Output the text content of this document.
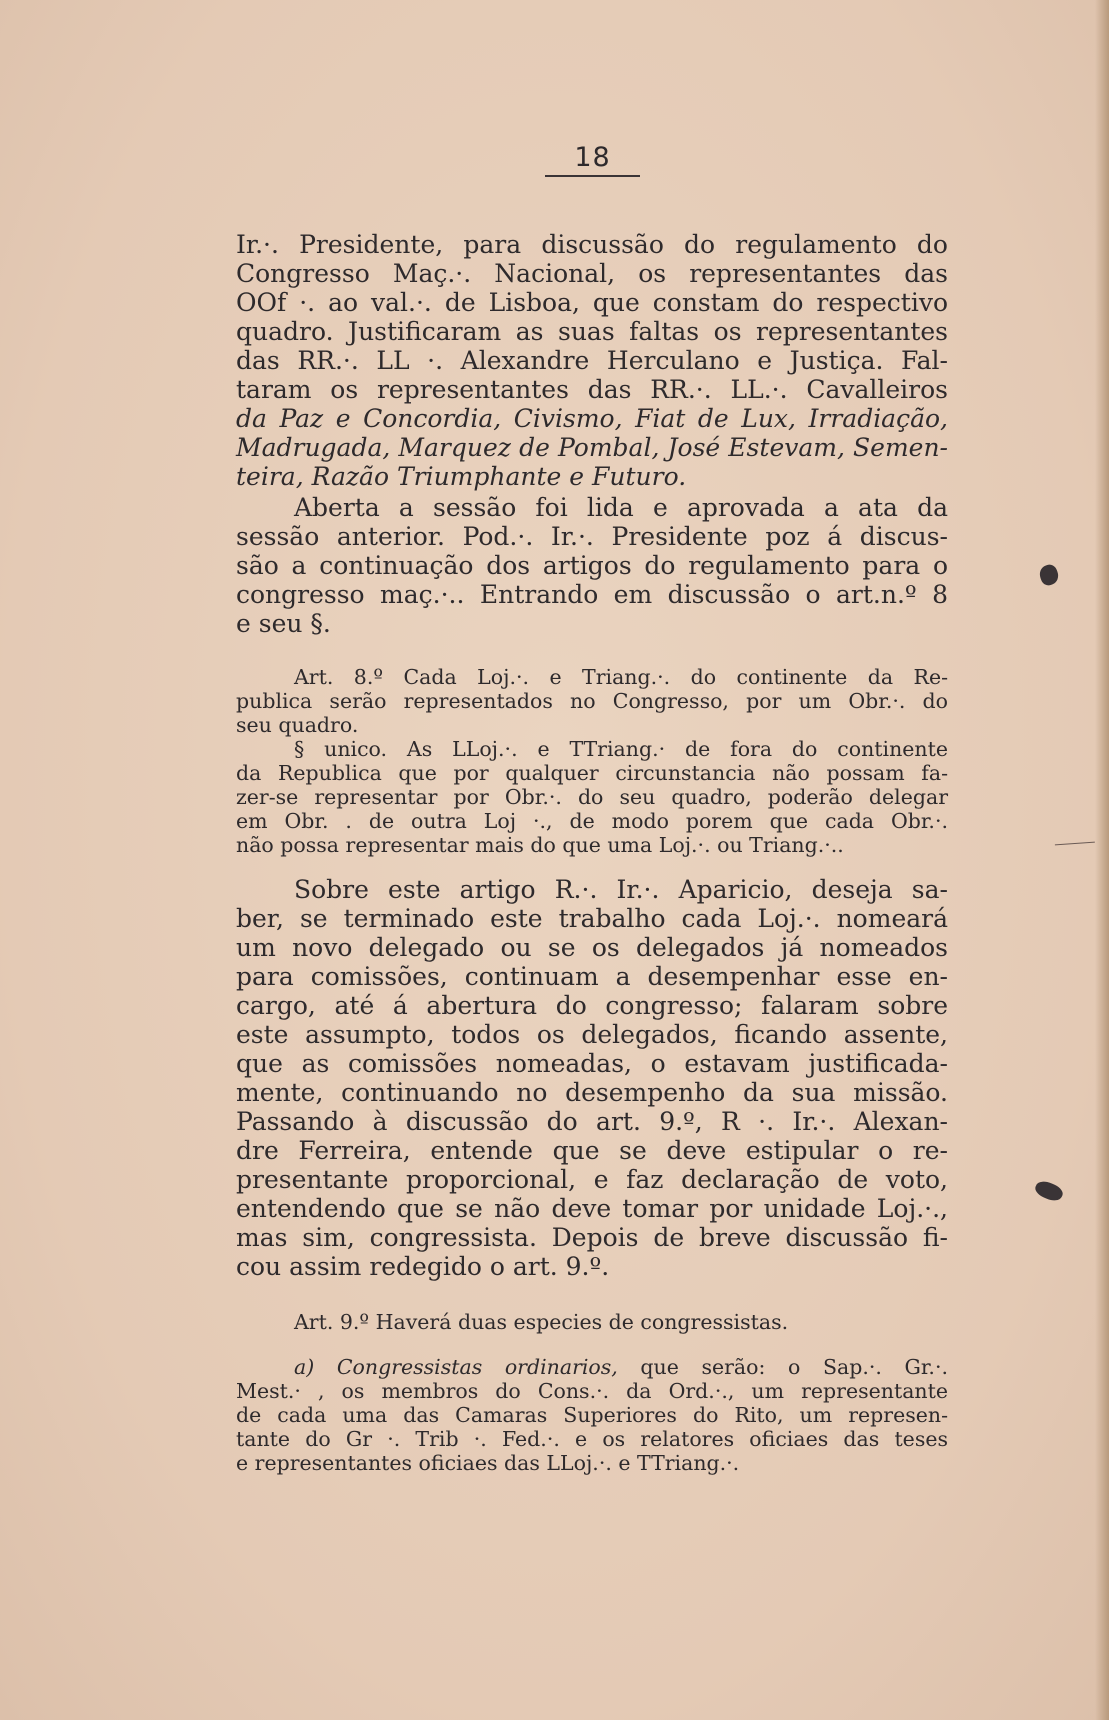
18
Ir.·. Presidente, para discussão do regulamento do
Congresso Maç.·. Nacional, os representantes das
OOf ·. ao val.·. de Lisboa, que constam do respectivo
quadro. Justificaram as suas faltas os representantes
das RR.·. LL ·. Alexandre Herculano e Justiça. Fal-
taram os representantes das RR.·. LL.·. Cavalleiros
da Paz e Concordia, Civismo, Fiat de Lux, Irradiação,
Madrugada, Marquez de Pombal, José Estevam, Semen-
teira, Razão Triumphante e Futuro.
Aberta a sessão foi lida e aprovada a ata da
sessão anterior. Pod.·. Ir.·. Presidente poz á discus-
são a continuação dos artigos do regulamento para o
congresso maç.·.. Entrando em discussão o art.n.º 8
e seu §.
Art. 8.º Cada Loj.·. e Triang.·. do continente da Re-
publica serão representados no Congresso, por um Obr.·. do
seu quadro.
§ unico. As LLoj.·. e TTriang.· de fora do continente
da Republica que por qualquer circunstancia não possam fa-
zer-se representar por Obr.·. do seu quadro, poderão delegar
em Obr. . de outra Loj ·., de modo porem que cada Obr.·.
não possa representar mais do que uma Loj.·. ou Triang.·..
Sobre este artigo R.·. Ir.·. Aparicio, deseja sa-
ber, se terminado este trabalho cada Loj.·. nomeará
um novo delegado ou se os delegados já nomeados
para comissões, continuam a desempenhar esse en-
cargo, até á abertura do congresso; falaram sobre
este assumpto, todos os delegados, ficando assente,
que as comissões nomeadas, o estavam justificada-
mente, continuando no desempenho da sua missão.
Passando à discussão do art. 9.º, R ·. Ir.·. Alexan-
dre Ferreira, entende que se deve estipular o re-
presentante proporcional, e faz declaração de voto,
entendendo que se não deve tomar por unidade Loj.·.,
mas sim, congressista. Depois de breve discussão fi-
cou assim redegido o art. 9.º.
Art. 9.º Haverá duas especies de congressistas.
a) Congressistas ordinarios, que serão: o Sap.·. Gr.·.
Mest.· , os membros do Cons.·. da Ord.·., um representante
de cada uma das Camaras Superiores do Rito, um represen-
tante do Gr ·. Trib ·. Fed.·. e os relatores oficiaes das teses
e representantes oficiaes das LLoj.·. e TTriang.·.
